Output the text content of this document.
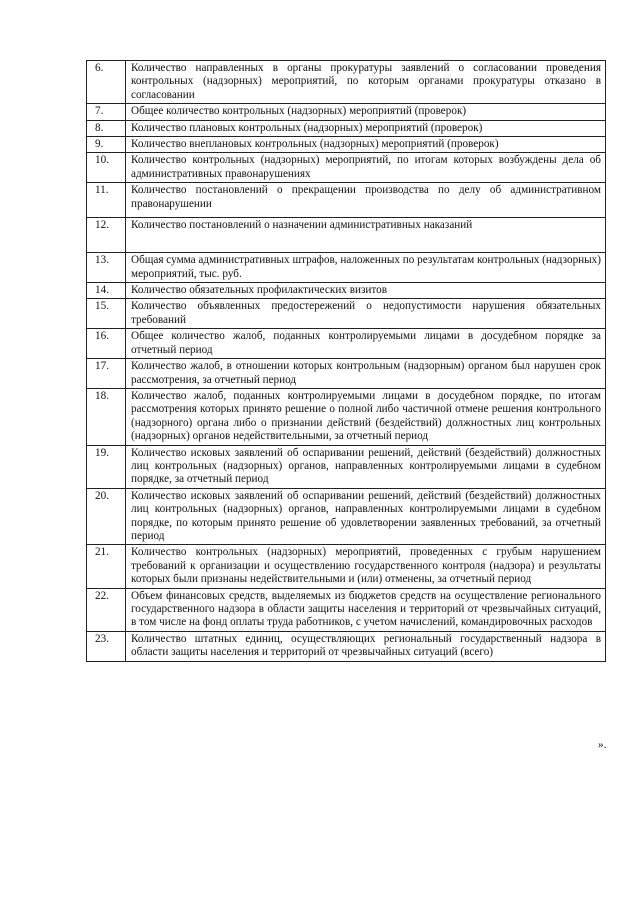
6.	Количество направленных в органы прокуратуры заявлений о согласовании проведения контрольных (надзорных) мероприятий, по которым органами прокуратуры отказано в согласовании
7.	Общее количество контрольных (надзорных) мероприятий (проверок)
8.	Количество плановых контрольных (надзорных) мероприятий (проверок)
9.	Количество внеплановых контрольных (надзорных) мероприятий (проверок)
10.	Количество контрольных (надзорных) мероприятий, по итогам которых возбуждены дела об административных правонарушениях
11.	Количество постановлений о прекращении производства по делу об административном правонарушении
12.	Количество постановлений о назначении административных наказаний
13.	Общая сумма административных штрафов, наложенных по результатам контрольных (надзорных) мероприятий, тыс. руб.
14.	Количество обязательных профилактических визитов
15.	Количество объявленных предостережений о недопустимости нарушения обязательных требований
16.	Общее количество жалоб, поданных контролируемыми лицами в досудебном порядке за отчетный период
17.	Количество жалоб, в отношении которых контрольным (надзорным) органом был нарушен срок рассмотрения, за отчетный период
18.	Количество жалоб, поданных контролируемыми лицами в досудебном порядке, по итогам рассмотрения которых принято решение о полной либо частичной отмене решения контрольного (надзорного) органа либо о признании действий (бездействий) должностных лиц контрольных (надзорных) органов недействительными, за отчетный период
19.	Количество исковых заявлений об оспаривании решений, действий (бездействий) должностных лиц контрольных (надзорных) органов, направленных контролируемыми лицами в судебном порядке, за отчетный период
20.	Количество исковых заявлений об оспаривании решений, действий (бездействий) должностных лиц контрольных (надзорных) органов, направленных контролируемыми лицами в судебном порядке, по которым принято решение об удовлетворении заявленных требований, за отчетный период
21.	Количество контрольных (надзорных) мероприятий, проведенных с грубым нарушением требований к организации и осуществлению государственного контроля (надзора) и результаты которых были признаны недействительными и (или) отменены, за отчетный период
22.	Объем финансовых средств, выделяемых из бюджетов средств на осуществление регионального государственного надзора в области защиты населения и территорий от чрезвычайных ситуаций, в том числе на фонд оплаты труда работников, с учетом начислений, командировочных расходов
23.	Количество штатных единиц, осуществляющих региональный государственный надзора в области защиты населения и территорий от чрезвычайных ситуаций (всего)
».
